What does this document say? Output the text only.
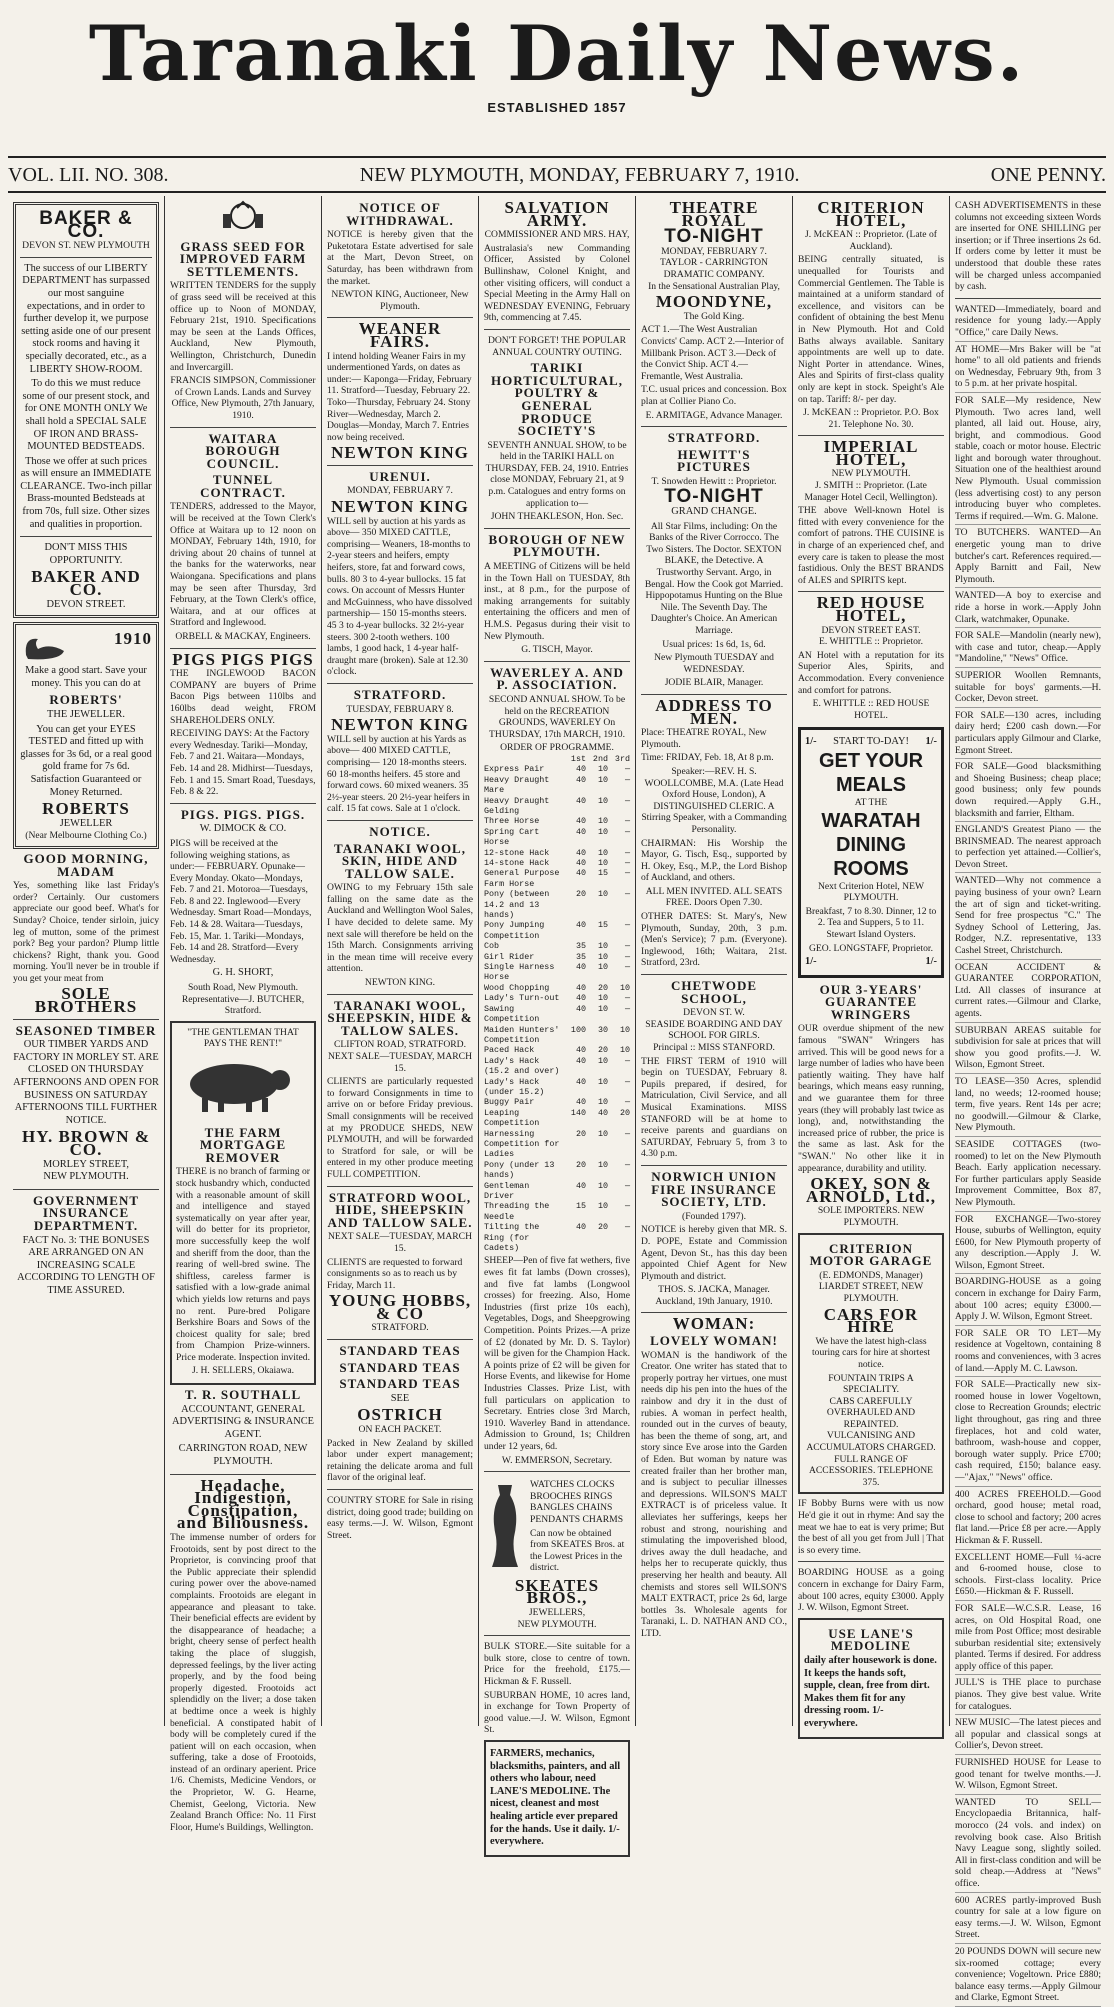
Taranaki Daily News.
ESTABLISHED 1857
VOL. LII. NO. 308.	NEW PLYMOUTH, MONDAY, FEBRUARY 7, 1910.	ONE PENNY.
BAKER & CO.
DEVON ST. NEW PLYMOUTH

The success of our LIBERTY DEPARTMENT has surpassed our most sanguine expectations, and in order to further develop it, we purpose setting aside one of our present stock rooms and having it specially decorated, etc., as a LIBERTY SHOW-ROOM.

To do this we must reduce some of our present stock, and for ONE MONTH ONLY We shall hold a SPECIAL SALE OF IRON AND BRASS-MOUNTED BEDSTEADS.

Those we offer at such prices as will ensure an IMMEDIATE CLEARANCE. Two-inch pillar Brass-mounted Bedsteads at from 70s, full size. Other sizes and qualities in proportion.

DON'T MISS THIS OPPORTUNITY.
BAKER AND CO.
DEVON STREET.
1910

Make a good start. Save your money. This you can do at

ROBERTS'
THE JEWELLER.

You can get your EYES TESTED and fitted up with glasses for 3s 6d, or a real good gold frame for 7s 6d. Satisfaction Guaranteed or Money Returned.

ROBERTS
JEWELLER
(Near Melbourne Clothing Co.)
GOOD MORNING, MADAM

Yes, something like last Friday's order? Certainly. Our customers appreciate our good beef. What's for Sunday? Choice, tender sirloin, juicy leg of mutton, some of the primest pork? Beg your pardon? Plump little chickens? Right, thank you. Good morning. You'll never be in trouble if you get your meat from

SOLE BROTHERS
SEASONED TIMBER

OUR TIMBER YARDS AND FACTORY IN MORLEY ST. ARE CLOSED ON THURSDAY AFTERNOONS AND OPEN FOR BUSINESS ON SATURDAY AFTERNOONS TILL FURTHER NOTICE.

HY. BROWN & CO.
MORLEY STREET,
NEW PLYMOUTH.
GOVERNMENT INSURANCE DEPARTMENT.

FACT No. 3: THE BONUSES ARE ARRANGED ON AN INCREASING SCALE ACCORDING TO LENGTH OF TIME ASSURED.

GRASS SEED FOR IMPROVED FARM SETTLEMENTS.

WRITTEN TENDERS for the supply of grass seed will be received at this office up to Noon of MONDAY, February 21st, 1910. Specifications may be seen at the Lands Offices, Auckland, New Plymouth, Wellington, Christchurch, Dunedin and Invercargill.

FRANCIS SIMPSON, Commissioner of Crown Lands. Lands and Survey Office, New Plymouth, 27th January, 1910.

WAITARA BOROUGH COUNCIL.
TUNNEL CONTRACT.

TENDERS, addressed to the Mayor, will be received at the Town Clerk's Office at Waitara up to 12 noon on MONDAY, February 14th, 1910, for driving about 20 chains of tunnel at the banks for the waterworks, near Waiongana. Specifications and plans may be seen after Thursday, 3rd February, at the Town Clerk's office, Waitara, and at our offices at Stratford and Inglewood.

ORBELL & MACKAY, Engineers.

PIGS PIGS PIGS

THE INGLEWOOD BACON COMPANY are buyers of Prime Bacon Pigs between 110lbs and 160lbs dead weight, FROM SHAREHOLDERS ONLY.

RECEIVING DAYS: At the Factory every Wednesday. Tariki—Monday, Feb. 7 and 21. Waitara—Mondays, Feb. 14 and 28. Midhirst—Tuesdays, Feb. 1 and 15. Smart Road, Tuesdays, Feb. 8 & 22.

PIGS. PIGS. PIGS.
W. DIMOCK & CO.

PIGS will be received at the following weighing stations, as under:— FEBRUARY. Opunake—Every Monday. Okato—Mondays, Feb. 7 and 21. Motoroa—Tuesdays, Feb. 8 and 22. Inglewood—Every Wednesday. Smart Road—Mondays, Feb. 14 & 28. Waitara—Tuesdays, Feb. 15, Mar. 1. Tariki—Mondays, Feb. 14 and 28. Stratford—Every Wednesday.

G. H. SHORT,

South Road, New Plymouth. Representative—J. BUTCHER, Stratford.

"THE GENTLEMAN THAT PAYS THE RENT!"
THE FARM MORTGAGE REMOVER

THERE is no branch of farming or stock husbandry which, conducted with a reasonable amount of skill and intelligence and stayed systematically on year after year, will do better for its proprietor, more successfully keep the wolf and sheriff from the door, than the rearing of well-bred swine. The shiftless, careless farmer is satisfied with a low-grade animal which yields low returns and pays no rent. Pure-bred Poligare Berkshire Boars and Sows of the choicest quality for sale; bred from Champion Prize-winners. Price moderate. Inspection invited.

J. H. SELLERS, Okaiawa.

T. R. SOUTHALL

ACCOUNTANT, GENERAL ADVERTISING & INSURANCE AGENT.

CARRINGTON ROAD, NEW PLYMOUTH.

Headache, Indigestion, Constipation, and Biliousness.

The immense number of orders for Frootoids, sent by post direct to the Proprietor, is convincing proof that the Public appreciate their splendid curing power over the above-named complaints. Frootoids are elegant in appearance and pleasant to take. Their beneficial effects are evident by the disappearance of headache; a bright, cheery sense of perfect health taking the place of sluggish, depressed feelings, by the liver acting properly, and by the food being properly digested. Frootoids act splendidly on the liver; a dose taken at bedtime once a week is highly beneficial. A constipated habit of body will be completely cured if the patient will on each occasion, when suffering, take a dose of Frootoids, instead of an ordinary aperient. Price 1/6. Chemists, Medicine Vendors, or the Proprietor, W. G. Hearne, Chemist, Geelong, Victoria. New Zealand Branch Office: No. 11 First Floor, Hume's Buildings, Wellington.

NOTICE OF WITHDRAWAL.

NOTICE is hereby given that the Puketotara Estate advertised for sale at the Mart, Devon Street, on Saturday, has been withdrawn from the market.

NEWTON KING, Auctioneer, New Plymouth.

WEANER FAIRS.

I intend holding Weaner Fairs in my undermentioned Yards, on dates as under:— Kaponga—Friday, February 11. Stratford—Tuesday, February 22. Toko—Thursday, February 24. Stony River—Wednesday, March 2. Douglas—Monday, March 7. Entries now being received.

NEWTON KING
URENUI.
MONDAY, FEBRUARY 7.
NEWTON KING

WILL sell by auction at his yards as above— 350 MIXED CATTLE, comprising— Weaners, 18-months to 2-year steers and heifers, empty heifers, store, fat and forward cows, bulls. 80 3 to 4-year bullocks. 15 fat cows. On account of Messrs Hunter and McGuinness, who have dissolved partnership— 150 15-months steers. 45 3 to 4-year bullocks. 32 2½-year steers. 300 2-tooth wethers. 100 lambs, 1 good hack, 1 4-year half-draught mare (broken). Sale at 12.30 o'clock.

STRATFORD.
TUESDAY, FEBRUARY 8.
NEWTON KING

WILL sell by auction at his Yards as above— 400 MIXED CATTLE, comprising— 120 18-months steers. 60 18-months heifers. 45 store and forward cows. 60 mixed weaners. 35 2½-year steers. 20 2½-year heifers in calf. 15 fat cows. Sale at 1 o'clock.

NOTICE.
TARANAKI WOOL, SKIN, HIDE AND TALLOW SALE.

OWING to my February 15th sale falling on the same date as the Auckland and Wellington Wool Sales, I have decided to delete same. My next sale will therefore be held on the 15th March. Consignments arriving in the mean time will receive every attention.

NEWTON KING.

TARANAKI WOOL, SHEEPSKIN, HIDE & TALLOW SALES.
CLIFTON ROAD, STRATFORD.
NEXT SALE—TUESDAY, MARCH 15.

CLIENTS are particularly requested to forward Consignments in time to arrive on or before Friday previous. Small consignments will be received at my PRODUCE SHEDS, NEW PLYMOUTH, and will be forwarded to Stratford for sale, or will be entered in my other produce meeting FULL COMPETITION.

STRATFORD WOOL, HIDE, SHEEPSKIN AND TALLOW SALE.
NEXT SALE—TUESDAY, MARCH 15.

CLIENTS are requested to forward consignments so as to reach us by Friday, March 11.

YOUNG HOBBS, & CO
STRATFORD.
STANDARD TEAS
STANDARD TEAS
STANDARD TEAS
SEE
OSTRICH
ON EACH PACKET.

Packed in New Zealand by skilled labor under expert management; retaining the delicate aroma and full flavor of the original leaf.

COUNTRY STORE for Sale in rising district, doing good trade; building on easy terms.—J. W. Wilson, Egmont Street.

SALVATION ARMY.
COMMISSIONER AND MRS. HAY,

Australasia's new Commanding Officer, Assisted by Colonel Bullinshaw, Colonel Knight, and other visiting officers, will conduct a Special Meeting in the Army Hall on WEDNESDAY EVENING, February 9th, commencing at 7.45.

DON'T FORGET! THE POPULAR ANNUAL COUNTRY OUTING.
TARIKI HORTICULTURAL, POULTRY & GENERAL PRODUCE SOCIETY'S

SEVENTH ANNUAL SHOW, to be held in the TARIKI HALL on THURSDAY, FEB. 24, 1910. Entries close MONDAY, February 21, at 9 p.m. Catalogues and entry forms on application to—

JOHN THEAKLESON, Hon. Sec.

BOROUGH OF NEW PLYMOUTH.

A MEETING of Citizens will be held in the Town Hall on TUESDAY, 8th inst., at 8 p.m., for the purpose of making arrangements for suitably entertaining the officers and men of H.M.S. Pegasus during their visit to New Plymouth.

G. TISCH, Mayor.

WAVERLEY A. AND P. ASSOCIATION.

SECOND ANNUAL SHOW. To be held on the RECREATION GROUNDS, WAVERLEY On THURSDAY, 17th MARCH, 1910.

ORDER OF PROGRAMME.
1st 2nd 3rd
Express Pair	40	10	—
Heavy Draught Mare
40	10	—
Heavy Draught Gelding
40	10	—
Three Horse	40	10	—
Spring Cart Horse
40	10	—
12-stone Hack	40	10	—
14-stone Hack	40	10	—
General Purpose Farm Horse
40	15	—
Pony (between 14.2 and 13 hands)
20	10	—
Pony Jumping Competition
40	15	—
Cob	35	10	—
Girl Rider	35	10	—
Single Harness Horse
40	10	—
Wood Chopping	40	20	10
Lady's Turn-out	40	10	—
Sawing Competition
40	10	—
Maiden Hunters' Competition
100	30	10
Paced Hack	40	20	10
Lady's Hack (15.2 and over)
40	10	—
Lady's Hack (under 15.2)
40	10	—
Buggy Pair	40	10	—
Leaping Competition
140	40	20
Harnessing Competition for Ladies
20	10	—
Pony (under 13 hands)
20	10	—
Gentleman Driver
40	10	—
Threading the Needle
15	10	—
Tilting the Ring (for Cadets)
40	20	—

SHEEP—Pen of five fat wethers, five ewes fit fat lambs (Down crosses), and five fat lambs (Longwool crosses) for freezing. Also, Home Industries (first prize 10s each), Vegetables, Dogs, and Sheepgrowing Competition. Points Prizes.—A prize of £2 (donated by Mr. D. S. Taylor) will be given for the Champion Hack. A points prize of £2 will be given for Horse Events, and likewise for Home Industries Classes. Prize List, with full particulars on application to Secretary. Entries close 3rd March, 1910. Waverley Band in attendance. Admission to Ground, 1s; Children under 12 years, 6d.

W. EMMERSON, Secretary.

WATCHES CLOCKS BROOCHES RINGS BANGLES CHAINS PENDANTS CHARMS

Can now be obtained from SKEATES Bros. at the Lowest Prices in the district.

SKEATES BROS.,
JEWELLERS,
NEW PLYMOUTH.

BULK STORE.—Site suitable for a bulk store, close to centre of town. Price for the freehold, £175.—Hickman & F. Russell.

SUBURBAN HOME, 10 acres land, in exchange for Town Property of good value.—J. W. Wilson, Egmont St.

FARMERS, mechanics, blacksmiths, painters, and all others who labour, need LANE'S MEDOLINE. The nicest, cleanest and most healing article ever prepared for the hands. Use it daily. 1/- everywhere.

THEATRE ROYAL
TO-NIGHT
MONDAY, FEBRUARY 7.
TAYLOR - CARRINGTON DRAMATIC COMPANY.
In the Sensational Australian Play,
MOONDYNE,
The Gold King.

ACT 1.—The West Australian Convicts' Camp. ACT 2.—Interior of Millbank Prison. ACT 3.—Deck of the Convict Ship. ACT 4.—Fremantle, West Australia.

T.C. usual prices and concession. Box plan at Collier Piano Co.

E. ARMITAGE, Advance Manager.

STRATFORD.
HEWITT'S PICTURES
T. Snowden Hewitt :: Proprietor.
TO-NIGHT
GRAND CHANGE.

All Star Films, including: On the Banks of the River Corrocco. The Two Sisters. The Doctor. SEXTON BLAKE, the Detective. A Trustworthy Servant. Argo, in Bengal. How the Cook got Married. Hippopotamus Hunting on the Blue Nile. The Seventh Day. The Daughter's Choice. An American Marriage.

Usual prices: 1s 6d, 1s, 6d.

New Plymouth TUESDAY and WEDNESDAY.

JODIE BLAIR, Manager.

ADDRESS TO MEN.

Place: THEATRE ROYAL, New Plymouth.

Time: FRIDAY, Feb. 18, At 8 p.m.

Speaker:—REV. H. S. WOOLLCOMBE, M.A. (Late Head Oxford House, London), A DISTINGUISHED CLERIC. A Stirring Speaker, with a Commanding Personality.

CHAIRMAN: His Worship the Mayor, G. Tisch, Esq., supported by H. Okey, Esq., M.P., the Lord Bishop of Auckland, and others.

ALL MEN INVITED. ALL SEATS FREE. Doors Open 7.30.

OTHER DATES: St. Mary's, New Plymouth, Sunday, 20th, 3 p.m. (Men's Service); 7 p.m. (Everyone). Inglewood, 16th; Waitara, 21st. Stratford, 23rd.

CHETWODE SCHOOL,
DEVON ST. W.
SEASIDE BOARDING AND DAY SCHOOL FOR GIRLS.
Principal :: MISS STANFORD.

THE FIRST TERM of 1910 will begin on TUESDAY, February 8. Pupils prepared, if desired, for Matriculation, Civil Service, and all Musical Examinations. MISS STANFORD will be at home to receive parents and guardians on SATURDAY, February 5, from 3 to 4.30 p.m.

NORWICH UNION FIRE INSURANCE SOCIETY, LTD.
(Founded 1797).

NOTICE is hereby given that MR. S. D. POPE, Estate and Commission Agent, Devon St., has this day been appointed Chief Agent for New Plymouth and district.

THOS. S. JACKA, Manager. Auckland, 19th January, 1910.

WOMAN:
LOVELY WOMAN!

WOMAN is the handiwork of the Creator. One writer has stated that to properly portray her virtues, one must needs dip his pen into the hues of the rainbow and dry it in the dust of rubies. A woman in perfect health, rounded out in the curves of beauty, has been the theme of song, art, and story since Eve arose into the Garden of Eden. But woman by nature was created frailer than her brother man, and is subject to peculiar illnesses and depressions. WILSON'S MALT EXTRACT is of priceless value. It alleviates her sufferings, keeps her robust and strong, nourishing and stimulating the impoverished blood, drives away the dull headache, and helps her to recuperate quickly, thus preserving her health and beauty. All chemists and stores sell WILSON'S MALT EXTRACT, price 2s 6d, large bottles 3s. Wholesale agents for Taranaki, L. D. NATHAN AND CO., LTD.

CRITERION HOTEL,
J. McKEAN :: Proprietor. (Late of Auckland).

BEING centrally situated, is unequalled for Tourists and Commercial Gentlemen. The Table is maintained at a uniform standard of excellence, and visitors can be confident of obtaining the best Menu in New Plymouth. Hot and Cold Baths always available. Sanitary appointments are well up to date. Night Porter in attendance. Wines, Ales and Spirits of first-class quality only are kept in stock. Speight's Ale on tap. Tariff: 8/- per day.

J. McKEAN :: Proprietor. P.O. Box 21. Telephone No. 30.

IMPERIAL HOTEL,
NEW PLYMOUTH.
J. SMITH :: Proprietor. (Late Manager Hotel Cecil, Wellington).

THE above Well-known Hotel is fitted with every convenience for the comfort of patrons. THE CUISINE is in charge of an experienced chef, and every care is taken to please the most fastidious. Only the BEST BRANDS of ALES and SPIRITS kept.

RED HOUSE HOTEL,
DEVON STREET EAST.
E. WHITTLE :: Proprietor.

AN Hotel with a reputation for its Superior Ales, Spirits, and Accommodation. Every convenience and comfort for patrons.

E. WHITTLE :: RED HOUSE HOTEL.

1/- START TO-DAY! 1/-
GET YOUR MEALS
AT THE
WARATAH DINING ROOMS
Next Criterion Hotel, NEW PLYMOUTH.

Breakfast, 7 to 8.30. Dinner, 12 to 2. Tea and Suppers, 5 to 11. Stewart Island Oysters.

GEO. LONGSTAFF, Proprietor.

1/-	1/-
OUR 3-YEARS' GUARANTEE WRINGERS

OUR overdue shipment of the new famous "SWAN" Wringers has arrived. This will be good news for a large number of ladies who have been patiently waiting. They have half bearings, which means easy running, and we guarantee them for three years (they will probably last twice as long), and, notwithstanding the increased price of rubber, the price is the same as last. Ask for the "SWAN." No other like it in appearance, durability and utility.

OKEY, SON & ARNOLD, Ltd.,
SOLE IMPORTERS. NEW PLYMOUTH.
CRITERION MOTOR GARAGE
(E. EDMONDS, Manager)
LIARDET STREET, NEW PLYMOUTH.
CARS FOR HIRE

We have the latest high-class touring cars for hire at shortest notice.

FOUNTAIN TRIPS A SPECIALITY.
CABS CAREFULLY OVERHAULED AND REPAINTED.
VULCANISING AND ACCUMULATORS CHARGED.
FULL RANGE OF ACCESSORIES. TELEPHONE 375.

IF Bobby Burns were with us now He'd gie it out in rhyme: And say the meat we hae to eat is very prime; But the best of all you get from Jull | That is so every time.

BOARDING HOUSE as a going concern in exchange for Dairy Farm, about 100 acres, equity £3000. Apply J. W. Wilson, Egmont Street.

USE LANE'S MEDOLINE

daily after housework is done. It keeps the hands soft, supple, clean, free from dirt. Makes them fit for any dressing room. 1/- everywhere.

CASH ADVERTISEMENTS in these columns not exceeding sixteen Words are inserted for ONE SHILLING per insertion; or if Three insertions 2s 6d. If orders come by letter it must be understood that double these rates will be charged unless accompanied by cash.

WANTED—Immediately, board and residence for young lady.—Apply "Office," care Daily News.

AT HOME—Mrs Baker will be "at home" to all old patients and friends on Wednesday, February 9th, from 3 to 5 p.m. at her private hospital.

FOR SALE—My residence, New Plymouth. Two acres land, well planted, all laid out. House, airy, bright, and commodious. Good stable, coach or motor house. Electric light and borough water throughout. Situation one of the healthiest around New Plymouth. Usual commission (less advertising cost) to any person introducing buyer who completes. Terms if required.—Wm. G. Malone.

TO BUTCHERS. WANTED—An energetic young man to drive butcher's cart. References required.—Apply Barnitt and Fail, New Plymouth.

WANTED—A boy to exercise and ride a horse in work.—Apply John Clark, watchmaker, Opunake.

FOR SALE—Mandolin (nearly new), with case and tutor, cheap.—Apply "Mandoline," "News" Office.

SUPERIOR Woollen Remnants, suitable for boys' garments.—H. Cocker, Devon street.

FOR SALE—130 acres, including dairy herd; £200 cash down.—For particulars apply Gilmour and Clarke, Egmont Street.

FOR SALE—Good blacksmithing and Shoeing Business; cheap place; good business; only few pounds down required.—Apply G.H., blacksmith and farrier, Eltham.

ENGLAND'S Greatest Piano — the BRINSMEAD. The nearest approach to perfection yet attained.—Collier's, Devon Street.

WANTED—Why not commence a paying business of your own? Learn the art of sign and ticket-writing. Send for free prospectus "C." The Sydney School of Lettering, Jas. Rodger, N.Z. representative, 133 Cashel Street, Christchurch.

OCEAN ACCIDENT & GUARANTEE CORPORATION, Ltd. All classes of insurance at current rates.—Gilmour and Clarke, agents.

SUBURBAN AREAS suitable for subdivision for sale at prices that will show you good profits.—J. W. Wilson, Egmont Street.

TO LEASE—350 Acres, splendid land, no weeds; 12-roomed house; term, five years. Rent 14s per acre; no goodwill.—Gilmour & Clarke, New Plymouth.

SEASIDE COTTAGES (two-roomed) to let on the New Plymouth Beach. Early application necessary. For further particulars apply Seaside Improvement Committee, Box 87, New Plymouth.

FOR EXCHANGE—Two-storey House, suburbs of Wellington, equity £600, for New Plymouth property of any description.—Apply J. W. Wilson, Egmont Street.

BOARDING-HOUSE as a going concern in exchange for Dairy Farm, about 100 acres; equity £3000.—Apply J. W. Wilson, Egmont Street.

FOR SALE OR TO LET—My residence at Vogeltown, containing 8 rooms and conveniences, with 3 acres of land.—Apply M. C. Lawson.

FOR SALE—Practically new six-roomed house in lower Vogeltown, close to Recreation Grounds; electric light throughout, gas ring and three fireplaces, hot and cold water, bathroom, wash-house and copper, borough water supply. Price £700; cash required, £150; balance easy.—"Ajax," "News" office.

400 ACRES FREEHOLD.—Good orchard, good house; metal road, close to school and factory; 200 acres flat land.—Price £8 per acre.—Apply Hickman & F. Russell.

EXCELLENT HOME—Full ¼-acre and 6-roomed house, close to schools. First-class locality. Price £650.—Hickman & F. Russell.

FOR SALE—W.C.S.R. Lease, 16 acres, on Old Hospital Road, one mile from Post Office; most desirable suburban residential site; extensively planted. Terms if desired. For address apply office of this paper.

JULL'S is THE place to purchase pianos. They give best value. Write for catalogues.

NEW MUSIC—The latest pieces and all popular and classical songs at Collier's, Devon street.

FURNISHED HOUSE for Lease to good tenant for twelve months.—J. W. Wilson, Egmont Street.

WANTED TO SELL—Encyclopaedia Britannica, half-morocco (24 vols. and index) on revolving book case. Also British Navy League song, slightly soiled. All in first-class condition and will be sold cheap.—Address at "News" office.

600 ACRES partly-improved Bush country for sale at a low figure on easy terms.—J. W. Wilson, Egmont Street.

20 POUNDS DOWN will secure new six-roomed cottage; every convenience; Vogeltown. Price £880; balance easy terms.—Apply Gilmour and Clarke, Egmont Street.
